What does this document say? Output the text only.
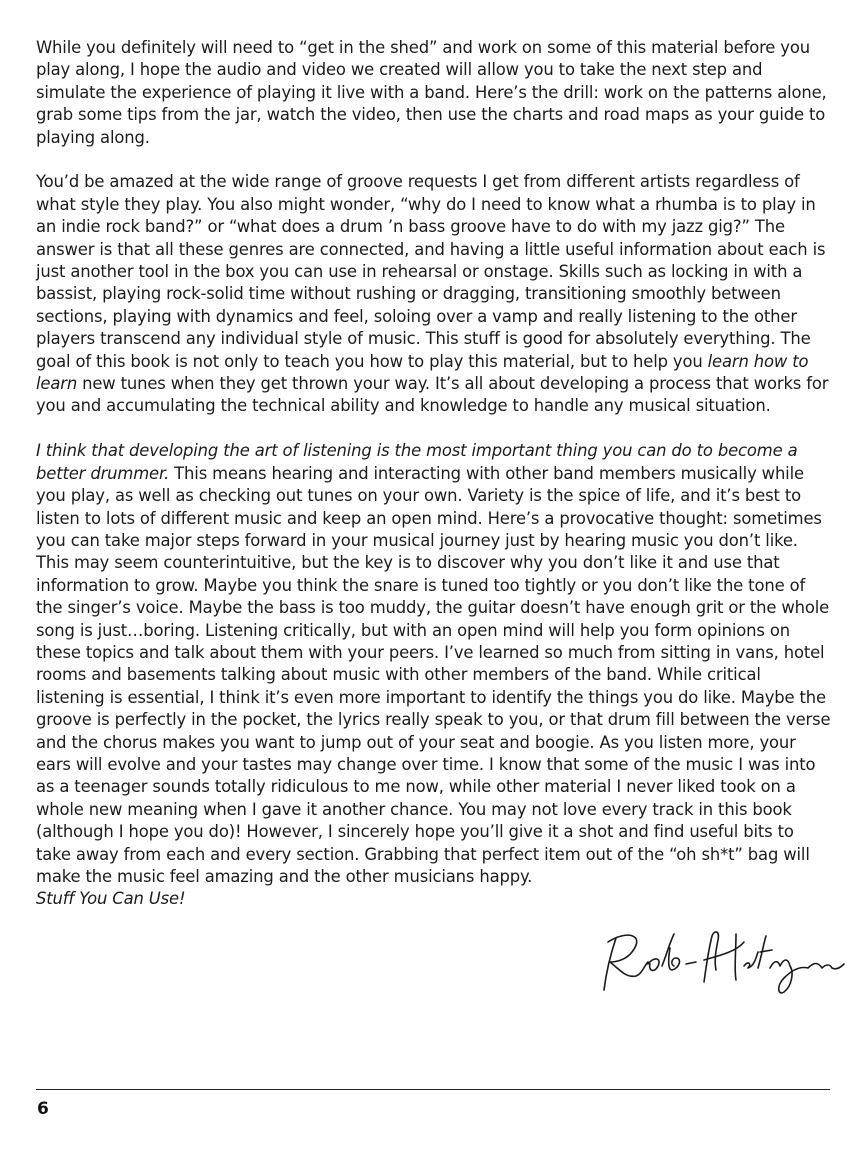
While you definitely will need to “get in the shed” and work on some of this material before you play along, I hope the audio and video we created will allow you to take the next step and simulate the experience of playing it live with a band. Here’s the drill: work on the patterns alone, grab some tips from the jar, watch the video, then use the charts and road maps as your guide to playing along.

You’d be amazed at the wide range of groove requests I get from different artists regardless of what style they play. You also might wonder, “why do I need to know what a rhumba is to play in an indie rock band?” or “what does a drum ’n bass groove have to do with my jazz gig?” The answer is that all these genres are connected, and having a little useful information about each is just another tool in the box you can use in rehearsal or onstage. Skills such as locking in with a bassist, playing rock-solid time without rushing or dragging, transitioning smoothly between sections, playing with dynamics and feel, soloing over a vamp and really listening to the other players transcend any individual style of music. This stuff is good for absolutely everything. The goal of this book is not only to teach you how to play this material, but to help you learn how to learn new tunes when they get thrown your way. It’s all about developing a process that works for you and accumulating the technical ability and knowledge to handle any musical situation.

I think that developing the art of listening is the most important thing you can do to become a better drummer. This means hearing and interacting with other band members musically while you play, as well as checking out tunes on your own. Variety is the spice of life, and it’s best to listen to lots of different music and keep an open mind. Here’s a provocative thought: sometimes you can take major steps forward in your musical journey just by hearing music you don’t like. This may seem counterintuitive, but the key is to discover why you don’t like it and use that information to grow. Maybe you think the snare is tuned too tightly or you don’t like the tone of the singer’s voice. Maybe the bass is too muddy, the guitar doesn’t have enough grit or the whole song is just…boring. Listening critically, but with an open mind will help you form opinions on these topics and talk about them with your peers. I’ve learned so much from sitting in vans, hotel rooms and basements talking about music with other members of the band. While critical listening is essential, I think it’s even more important to identify the things you do like. Maybe the groove is perfectly in the pocket, the lyrics really speak to you, or that drum fill between the verse and the chorus makes you want to jump out of your seat and boogie. As you listen more, your ears will evolve and your tastes may change over time. I know that some of the music I was into as a teenager sounds totally ridiculous to me now, while other material I never liked took on a whole new meaning when I gave it another chance. You may not love every track in this book (although I hope you do)! However, I sincerely hope you’ll give it a shot and find useful bits to take away from each and every section. Grabbing that perfect item out of the “oh sh*t” bag will make the music feel amazing and the other musicians happy.

Stuff You Can Use!

6
